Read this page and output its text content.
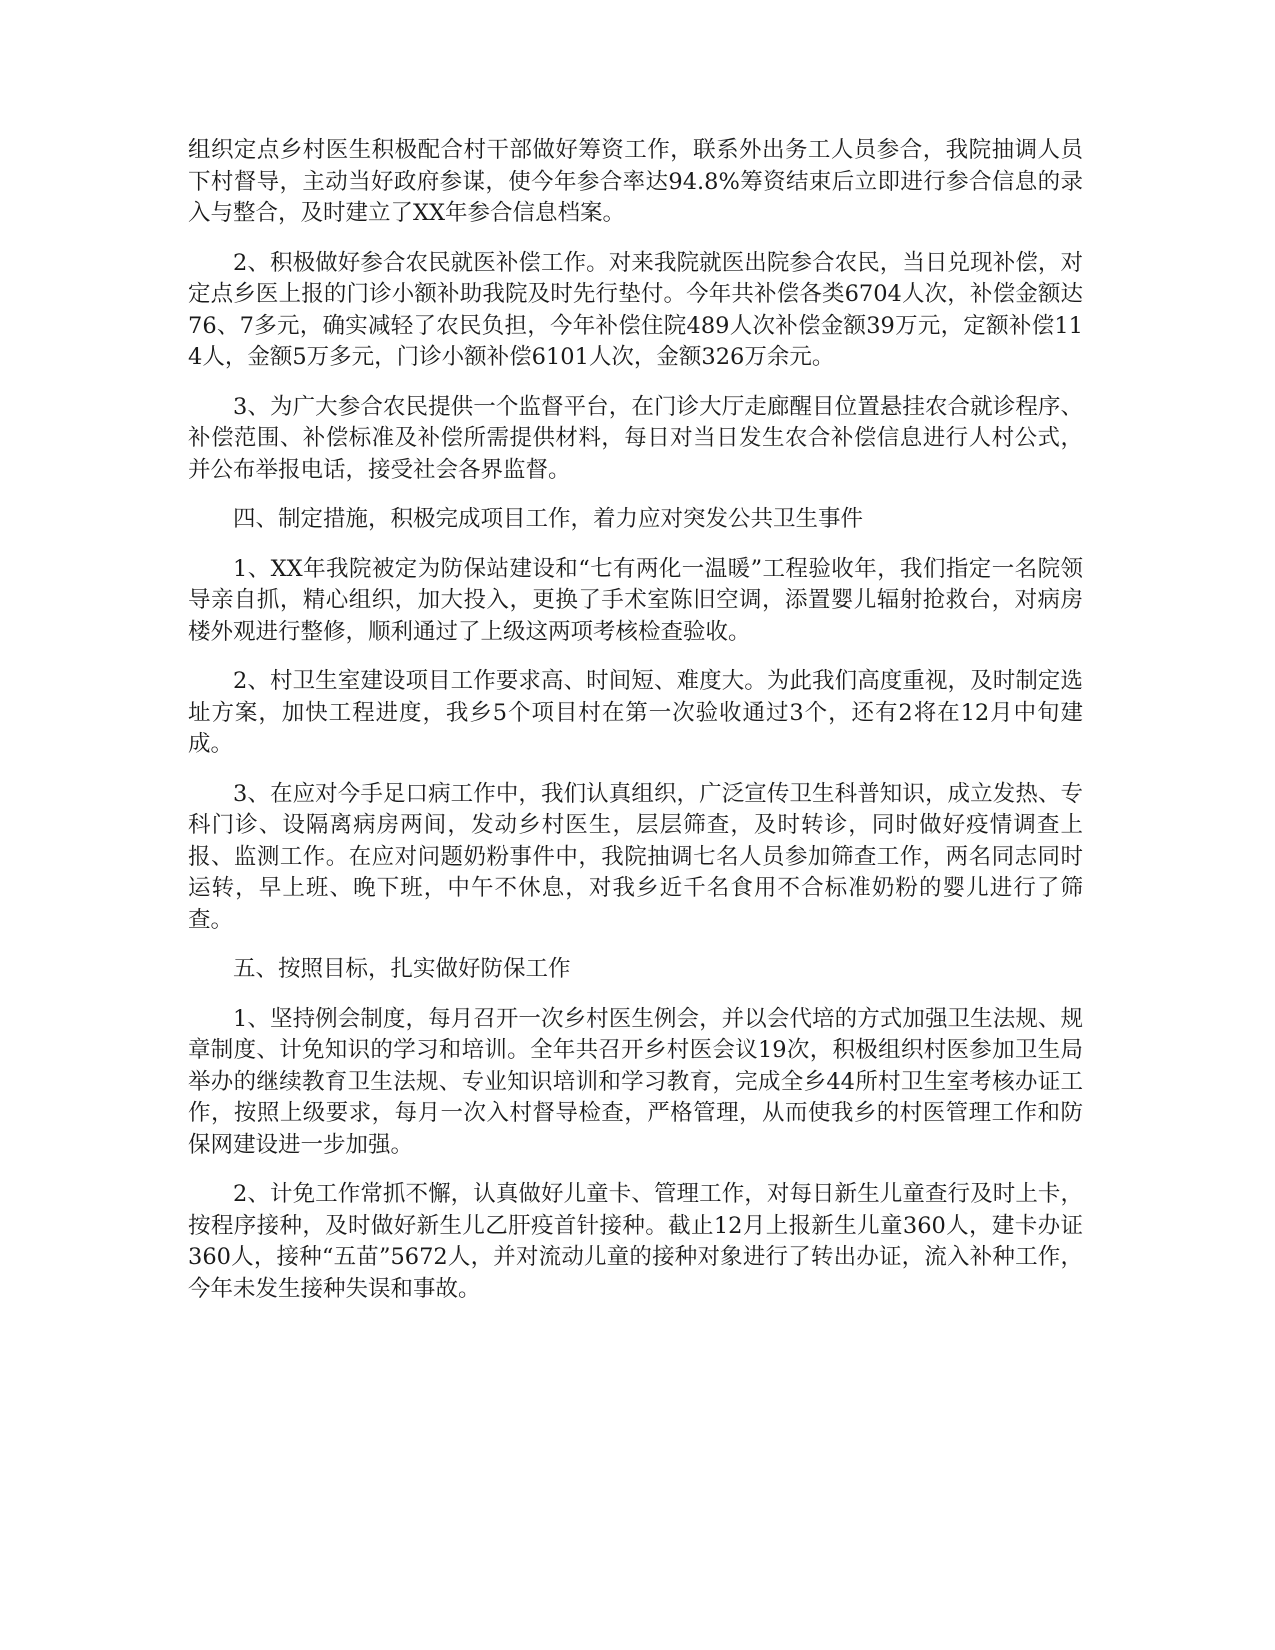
组织定点乡村医生积极配合村干部做好筹资工作，联系外出务工人员参合，我院抽调人员下村督导，主动当好政府参谋，使今年参合率达94.8%筹资结束后立即进行参合信息的录入与整合，及时建立了XX年参合信息档案。

2、积极做好参合农民就医补偿工作。对来我院就医出院参合农民，当日兑现补偿，对定点乡医上报的门诊小额补助我院及时先行垫付。今年共补偿各类6704人次，补偿金额达76、7多元，确实减轻了农民负担，今年补偿住院489人次补偿金额39万元，定额补偿114人，金额5万多元，门诊小额补偿6101人次，金额326万余元。

3、为广大参合农民提供一个监督平台，在门诊大厅走廊醒目位置悬挂农合就诊程序、补偿范围、补偿标准及补偿所需提供材料，每日对当日发生农合补偿信息进行人村公式，并公布举报电话，接受社会各界监督。

四、制定措施，积极完成项目工作，着力应对突发公共卫生事件

1、XX年我院被定为防保站建设和“七有两化一温暖”工程验收年，我们指定一名院领导亲自抓，精心组织，加大投入，更换了手术室陈旧空调，添置婴儿辐射抢救台，对病房楼外观进行整修，顺利通过了上级这两项考核检查验收。

2、村卫生室建设项目工作要求高、时间短、难度大。为此我们高度重视，及时制定选址方案，加快工程进度，我乡5个项目村在第一次验收通过3个，还有2将在12月中旬建成。

3、在应对今手足口病工作中，我们认真组织，广泛宣传卫生科普知识，成立发热、专科门诊、设隔离病房两间，发动乡村医生，层层筛查，及时转诊，同时做好疫情调查上报、监测工作。在应对问题奶粉事件中，我院抽调七名人员参加筛查工作，两名同志同时运转，早上班、晚下班，中午不休息，对我乡近千名食用不合标准奶粉的婴儿进行了筛查。

五、按照目标，扎实做好防保工作

1、坚持例会制度，每月召开一次乡村医生例会，并以会代培的方式加强卫生法规、规章制度、计免知识的学习和培训。全年共召开乡村医会议19次，积极组织村医参加卫生局举办的继续教育卫生法规、专业知识培训和学习教育，完成全乡44所村卫生室考核办证工作，按照上级要求，每月一次入村督导检查，严格管理，从而使我乡的村医管理工作和防保网建设进一步加强。

2、计免工作常抓不懈，认真做好儿童卡、管理工作，对每日新生儿童查行及时上卡，按程序接种，及时做好新生儿乙肝疫首针接种。截止12月上报新生儿童360人，建卡办证360人，接种“五苗”5672人，并对流动儿童的接种对象进行了转出办证，流入补种工作，今年未发生接种失误和事故。
